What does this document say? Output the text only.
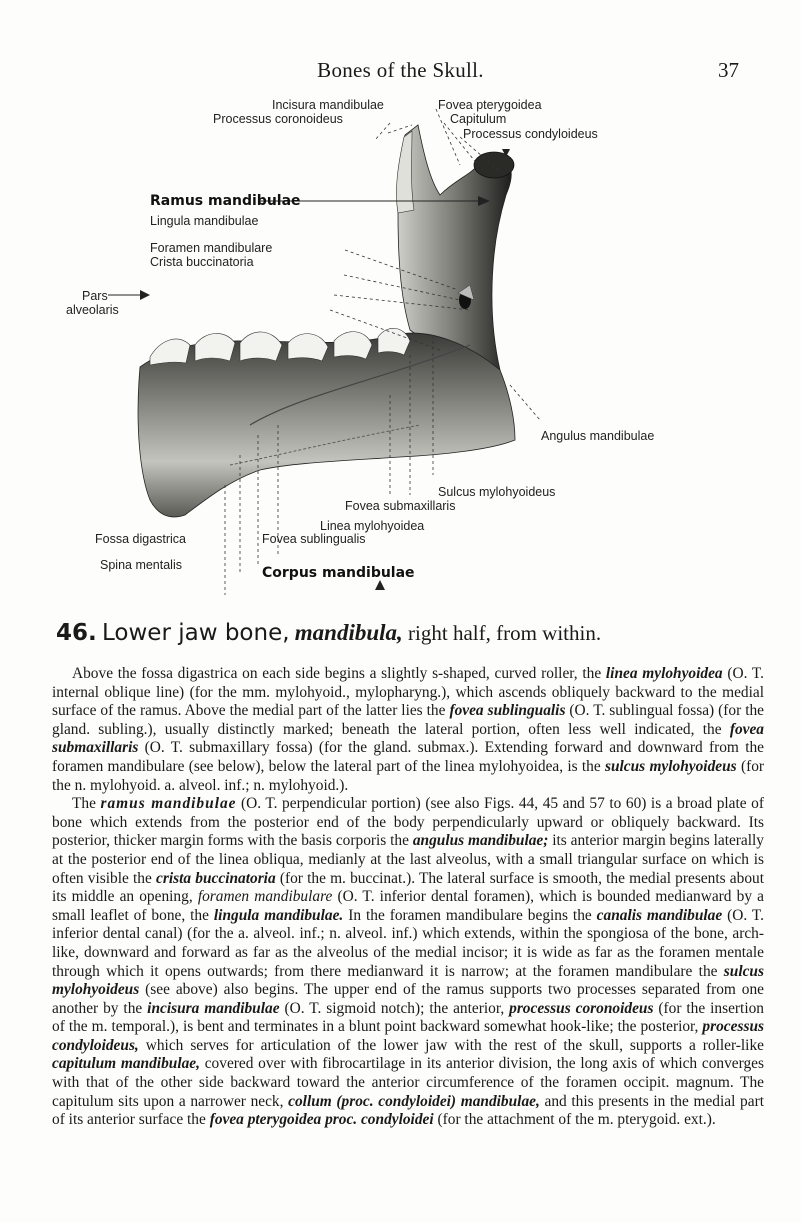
Bones of the Skull.	37
Incisura mandibulae
Processus coronoideus
Fovea pterygoidea
Capitulum
Processus condyloideus
Ramus mandibulae
Lingula mandibulae
Foramen mandibulare
Crista buccinatoria
Pars
alveolaris
Angulus mandibulae
Sulcus mylohyoideus
Fovea submaxillaris
Linea mylohyoidea
Fovea sublingualis
Fossa digastrica
Spina mentalis	Corpus mandibulae
46. Lower jaw bone, mandibula, right half, from within.

Above the fossa digastrica on each side begins a slightly s-shaped, curved roller, the linea mylohyoidea (O. T. internal oblique line) (for the mm. mylohyoid., mylopharyng.), which ascends obliquely backward to the medial surface of the ramus. Above the medial part of the latter lies the fovea sublingualis (O. T. sublingual fossa) (for the gland. subling.), usually distinctly marked; beneath the lateral portion, often less well indicated, the fovea submaxillaris (O. T. submaxillary fossa) (for the gland. submax.). Extending forward and downward from the foramen mandibulare (see below), below the lateral part of the linea mylohyoidea, is the sulcus mylohyoideus (for the n. mylohyoid. a. alveol. inf.; n. mylohyoid.).

The ramus mandibulae (O. T. perpendicular portion) (see also Figs. 44, 45 and 57 to 60) is a broad plate of bone which extends from the posterior end of the body perpendicularly upward or obliquely backward. Its posterior, thicker margin forms with the basis corporis the angulus mandibulae; its anterior margin begins laterally at the posterior end of the linea obliqua, medianly at the last alveolus, with a small triangular surface on which is often visible the crista buccinatoria (for the m. buccinat.). The lateral surface is smooth, the medial presents about its middle an opening, foramen mandibulare (O. T. inferior dental foramen), which is bounded medianward by a small leaflet of bone, the lingula mandibulae. In the foramen mandibulare begins the canalis mandibulae (O. T. inferior dental canal) (for the a. alveol. inf.; n. alveol. inf.) which extends, within the spongiosa of the bone, arch-like, downward and forward as far as the alveolus of the medial incisor; it is wide as far as the foramen mentale through which it opens outwards; from there medianward it is narrow; at the foramen mandibulare the sulcus mylohyoideus (see above) also begins. The upper end of the ramus supports two processes separated from one another by the incisura mandibulae (O. T. sigmoid notch); the anterior, processus coronoideus (for the insertion of the m. temporal.), is bent and terminates in a blunt point backward somewhat hook-like; the posterior, processus condyloideus, which serves for articulation of the lower jaw with the rest of the skull, supports a roller-like capitulum mandibulae, covered over with fibrocartilage in its anterior division, the long axis of which converges with that of the other side backward toward the anterior circumference of the foramen occipit. magnum. The capitulum sits upon a narrower neck, collum (proc. condyloidei) mandibulae, and this presents in the medial part of its anterior surface the fovea pterygoidea proc. condyloidei (for the attachment of the m. pterygoid. ext.).
